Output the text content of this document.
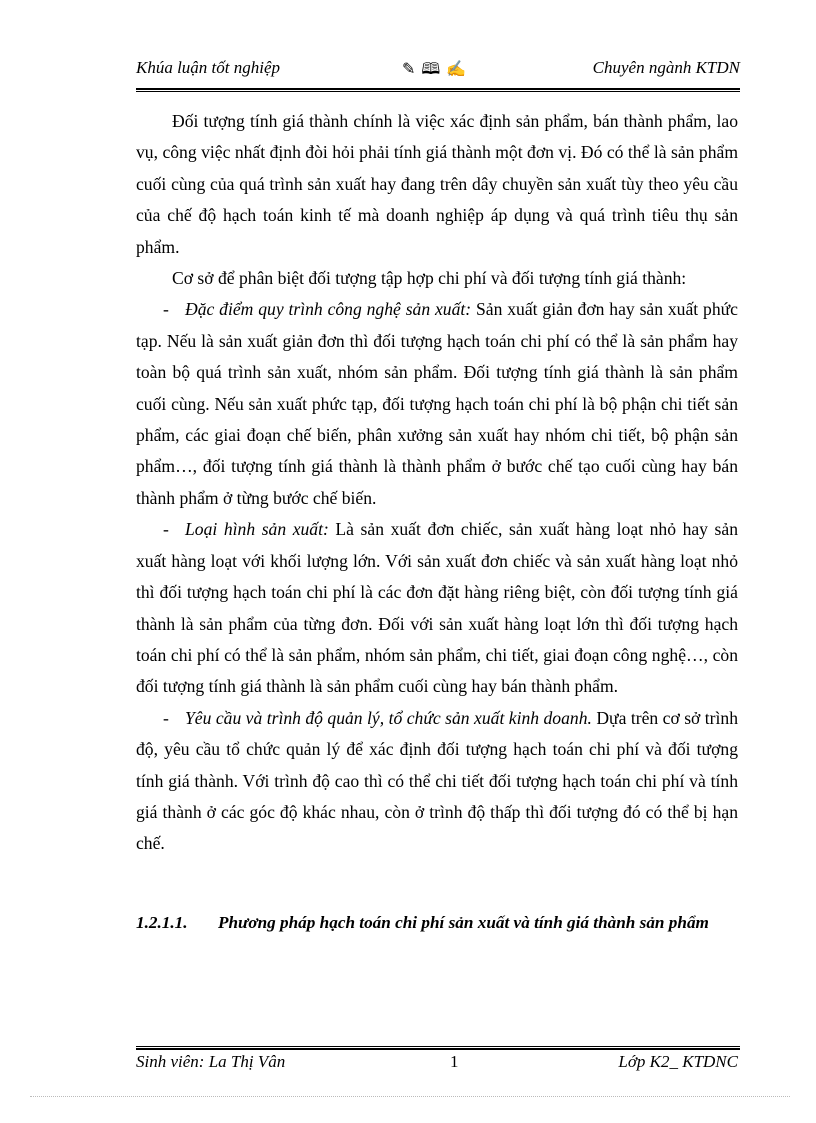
Khúa luận tốt nghiệp	✎ 🕮 ✍	Chuyên ngành KTDN

Đối tượng tính giá thành chính là việc xác định sản phẩm, bán thành phẩm, lao vụ, công việc nhất định đòi hỏi phải tính giá thành một đơn vị. Đó có thể là sản phẩm cuối cùng của quá trình sản xuất hay đang trên dây chuyền sản xuất tùy theo yêu cầu của chế độ hạch toán kinh tế mà doanh nghiệp áp dụng và quá trình tiêu thụ sản phẩm.

Cơ sở để phân biệt đối tượng tập hợp chi phí và đối tượng tính giá thành:

- Đặc điểm quy trình công nghệ sản xuất: Sản xuất giản đơn hay sản xuất phức tạp. Nếu là sản xuất giản đơn thì đối tượng hạch toán chi phí có thể là sản phẩm hay toàn bộ quá trình sản xuất, nhóm sản phẩm. Đối tượng tính giá thành là sản phẩm cuối cùng. Nếu sản xuất phức tạp, đối tượng hạch toán chi phí là bộ phận chi tiết sản phẩm, các giai đoạn chế biến, phân xưởng sản xuất hay nhóm chi tiết, bộ phận sản phẩm…, đối tượng tính giá thành là thành phẩm ở bước chế tạo cuối cùng hay bán thành phẩm ở từng bước chế biến.

- Loại hình sản xuất: Là sản xuất đơn chiếc, sản xuất hàng loạt nhỏ hay sản xuất hàng loạt với khối lượng lớn. Với sản xuất đơn chiếc và sản xuất hàng loạt nhỏ thì đối tượng hạch toán chi phí là các đơn đặt hàng riêng biệt, còn đối tượng tính giá thành là sản phẩm của từng đơn. Đối với sản xuất hàng loạt lớn thì đối tượng hạch toán chi phí có thể là sản phẩm, nhóm sản phẩm, chi tiết, giai đoạn công nghệ…, còn đối tượng tính giá thành là sản phẩm cuối cùng hay bán thành phẩm.

- Yêu cầu và trình độ quản lý, tổ chức sản xuất kinh doanh. Dựa trên cơ sở trình độ, yêu cầu tổ chức quản lý để xác định đối tượng hạch toán chi phí và đối tượng tính giá thành. Với trình độ cao thì có thể chi tiết đối tượng hạch toán chi phí và tính giá thành ở các góc độ khác nhau, còn ở trình độ thấp thì đối tượng đó có thể bị hạn chế.

1.2.1.1. Phương pháp hạch toán chi phí sản xuất và tính giá thành sản phẩm
Sinh viên: La Thị Vân	1	Lớp K2_ KTDNC
